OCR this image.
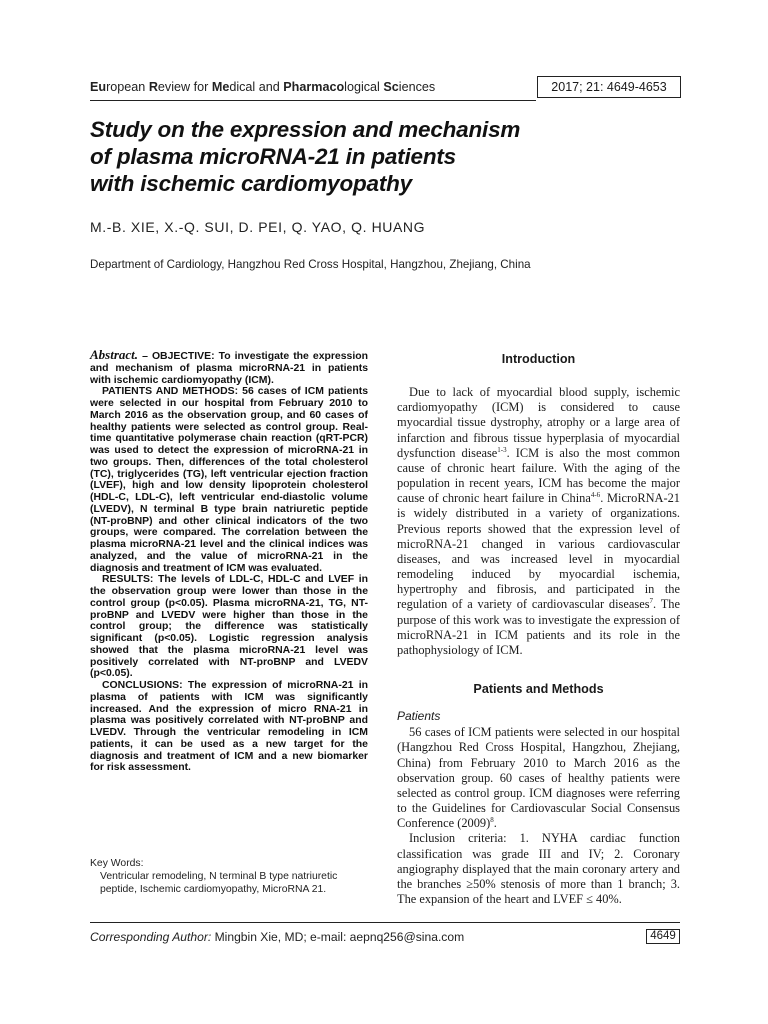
European Review for Medical and Pharmacological Sciences	2017; 21: 4649-4653
Study on the expression and mechanism
of plasma microRNA-21 in patients
with ischemic cardiomyopathy
M.-B. XIE, X.-Q. SUI, D. PEI, Q. YAO, Q. HUANG
Department of Cardiology, Hangzhou Red Cross Hospital, Hangzhou, Zhejiang, China

Abstract. – OBJECTIVE: To investigate the expression and mechanism of plasma microRNA-21 in patients with ischemic cardiomyopathy (ICM).

PATIENTS AND METHODS: 56 cases of ICM patients were selected in our hospital from February 2010 to March 2016 as the observation group, and 60 cases of healthy patients were selected as control group. Real-time quantitative polymerase chain reaction (qRT-PCR) was used to detect the expression of microRNA-21 in two groups. Then, differences of the total cholesterol (TC), triglycerides (TG), left ventricular ejection fraction (LVEF), high and low density lipoprotein cholesterol (HDL-C, LDL-C), left ventricular end-diastolic volume (LVEDV), N terminal B type brain natriuretic peptide (NT-proBNP) and other clinical indicators of the two groups, were compared. The correlation between the plasma microRNA-21 level and the clinical indices was analyzed, and the value of microRNA-21 in the diagnosis and treatment of ICM was evaluated.

RESULTS: The levels of LDL-C, HDL-C and LVEF in the observation group were lower than those in the control group (p<0.05). Plasma microRNA-21, TG, NT-proBNP and LVEDV were higher than those in the control group; the difference was statistically significant (p<0.05). Logistic regression analysis showed that the plasma microRNA-21 level was positively correlated with NT-proBNP and LVEDV (p<0.05).

CONCLUSIONS: The expression of microRNA-21 in plasma of patients with ICM was significantly increased. And the expression of micro RNA-21 in plasma was positively correlated with NT-proBNP and LVEDV. Through the ventricular remodeling in ICM patients, it can be used as a new target for the diagnosis and treatment of ICM and a new biomarker for risk assessment.

Key Words:
Ventricular remodeling, N terminal B type natriuretic peptide, Ischemic cardiomyopathy, MicroRNA 21.
Introduction

Due to lack of myocardial blood supply, ischemic cardiomyopathy (ICM) is considered to cause myocardial tissue dystrophy, atrophy or a large area of infarction and fibrous tissue hyperplasia of myocardial dysfunction disease$^{1-3}$. ICM is also the most common cause of chronic heart failure. With the aging of the population in recent years, ICM has become the major cause of chronic heart failure in China$^{4-6}$. MicroRNA-21 is widely distributed in a variety of organizations. Previous reports showed that the expression level of microRNA-21 changed in various cardiovascular diseases, and was increased level in myocardial remodeling induced by myocardial ischemia, hypertrophy and fibrosis, and participated in the regulation of a variety of cardiovascular diseases$^7$. The purpose of this work was to investigate the expression of microRNA-21 in ICM patients and its role in the pathophysiology of ICM.

Patients and Methods
Patients

56 cases of ICM patients were selected in our hospital (Hangzhou Red Cross Hospital, Hangzhou, Zhejiang, China) from February 2010 to March 2016 as the observation group. 60 cases of healthy patients were selected as control group. ICM diagnoses were referring to the Guidelines for Cardiovascular Social Consensus Conference $(2009)^8$.

Inclusion criteria: 1. NYHA cardiac function classification was grade III and IV; 2. Coronary angiography displayed that the main coronary artery and the branches ≥50% stenosis of more than 1 branch; 3. The expansion of the heart and LVEF ≤ 40%.

Corresponding Author: Mingbin Xie, MD; e-mail: aepnq256@sina.com	4649
